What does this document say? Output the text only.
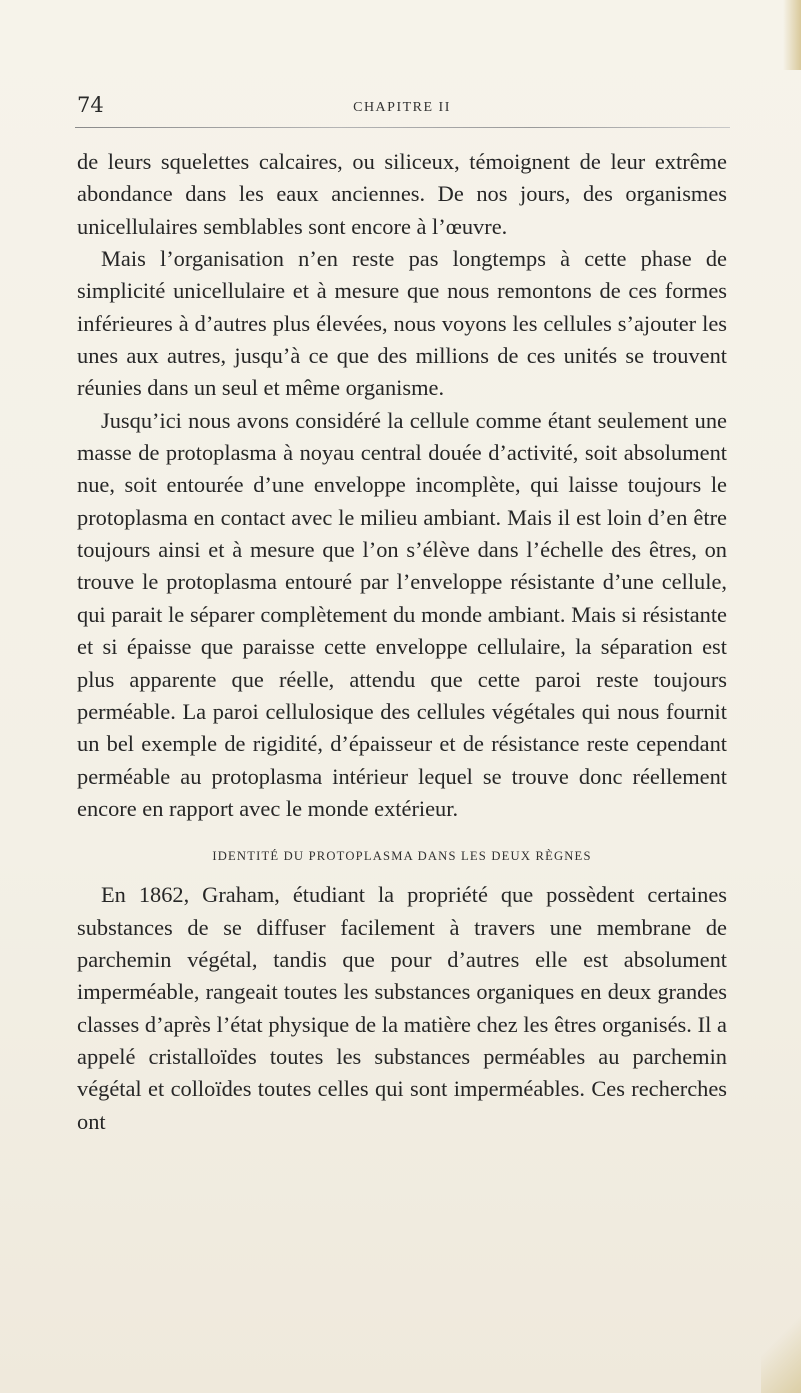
74	CHAPITRE II

de leurs squelettes calcaires, ou siliceux, témoignent de leur extrême abondance dans les eaux anciennes. De nos jours, des organismes unicellulaires semblables sont encore à l’œuvre.

Mais l’organisation n’en reste pas longtemps à cette phase de simplicité unicellulaire et à mesure que nous remontons de ces formes inférieures à d’autres plus élevées, nous voyons les cellules s’ajouter les unes aux autres, jusqu’à ce que des millions de ces unités se trouvent réunies dans un seul et même organisme.

Jusqu’ici nous avons considéré la cellule comme étant seulement une masse de protoplasma à noyau central douée d’activité, soit absolument nue, soit entourée d’une enveloppe incomplète, qui laisse toujours le protoplasma en contact avec le milieu ambiant. Mais il est loin d’en être toujours ainsi et à mesure que l’on s’élève dans l’échelle des êtres, on trouve le protoplasma entouré par l’enveloppe résistante d’une cellule, qui parait le séparer complètement du monde ambiant. Mais si résistante et si épaisse que paraisse cette enveloppe cellulaire, la séparation est plus apparente que réelle, attendu que cette paroi reste toujours perméable. La paroi cellulosique des cellules végétales qui nous fournit un bel exemple de rigidité, d’épaisseur et de résistance reste cependant perméable au protoplasma intérieur lequel se trouve donc réellement encore en rapport avec le monde extérieur.

IDENTITÉ DU PROTOPLASMA DANS LES DEUX RÈGNES

En 1862, Graham, étudiant la propriété que possèdent certaines substances de se diffuser facilement à travers une membrane de parchemin végétal, tandis que pour d’autres elle est absolument imperméable, rangeait toutes les substances organiques en deux grandes classes d’après l’état physique de la matière chez les êtres organisés. Il a appelé cristalloïdes toutes les substances perméables au parchemin végétal et colloïdes toutes celles qui sont imperméables. Ces recherches ont
